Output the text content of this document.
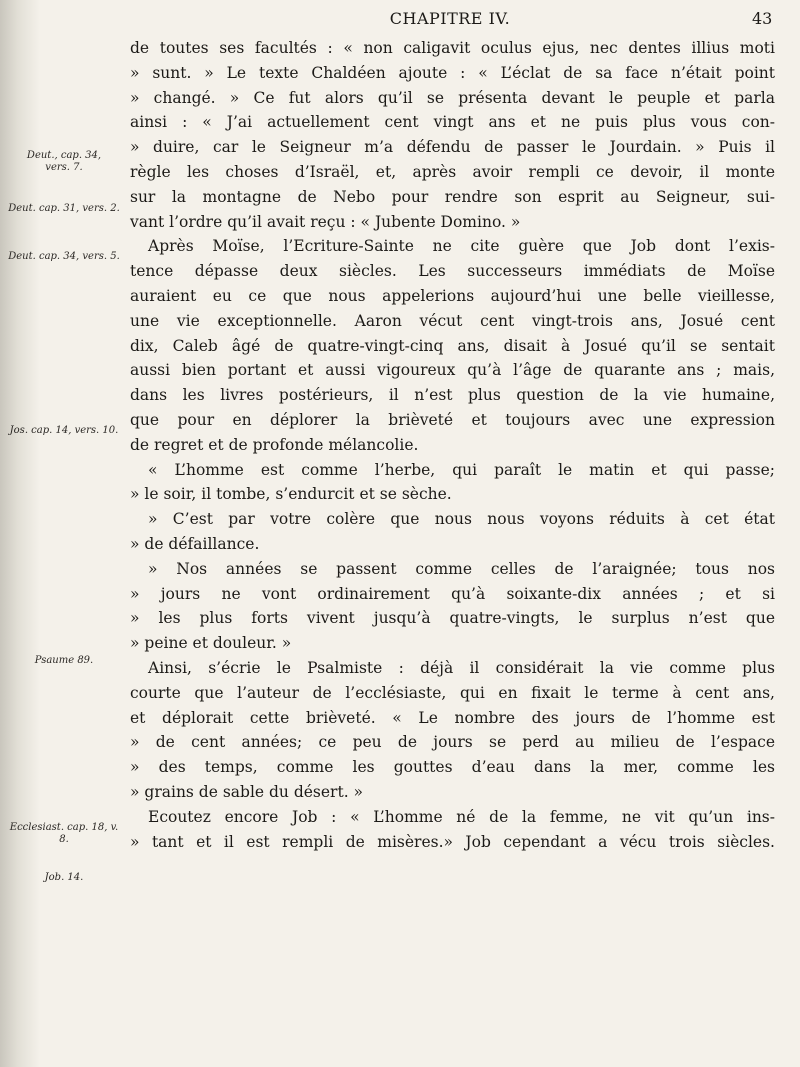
CHAPITRE IV.	43
Deut., cap. 34,
vers. 7.
Deut. cap. 31, vers. 2.
Deut. cap. 34, vers. 5.
Jos. cap. 14, vers. 10.
Psaume 89.
Ecclesiast. cap. 18, v. 8.
Job. 14.
de toutes ses facultés : « non caligavit oculus ejus, nec dentes illius moti
» sunt. » Le texte Chaldéen ajoute : « L’éclat de sa face n’était point
» changé. » Ce fut alors qu’il se présenta devant le peuple et parla
ainsi : « J’ai actuellement cent vingt ans et ne puis plus vous con-
» duire, car le Seigneur m’a défendu de passer le Jourdain. » Puis il
règle les choses d’Israël, et, après avoir rempli ce devoir, il monte
sur la montagne de Nebo pour rendre son esprit au Seigneur, sui-
vant l’ordre qu’il avait reçu : « Jubente Domino. »
Après Moïse, l’Ecriture-Sainte ne cite guère que Job dont l’exis-
tence dépasse deux siècles. Les successeurs immédiats de Moïse
auraient eu ce que nous appelerions aujourd’hui une belle vieillesse,
une vie exceptionnelle. Aaron vécut cent vingt-trois ans, Josué cent
dix, Caleb âgé de quatre-vingt-cinq ans, disait à Josué qu’il se sentait
aussi bien portant et aussi vigoureux qu’à l’âge de quarante ans ; mais,
dans les livres postérieurs, il n’est plus question de la vie humaine,
que pour en déplorer la brièveté et toujours avec une expression
de regret et de profonde mélancolie.
« L’homme est comme l’herbe, qui paraît le matin et qui passe;
» le soir, il tombe, s’endurcit et se sèche.
» C’est par votre colère que nous nous voyons réduits à cet état
» de défaillance.
» Nos années se passent comme celles de l’araignée; tous nos
» jours ne vont ordinairement qu’à soixante-dix années ; et si
» les plus forts vivent jusqu’à quatre-vingts, le surplus n’est que
» peine et douleur. »
Ainsi, s’écrie le Psalmiste : déjà il considérait la vie comme plus
courte que l’auteur de l’ecclésiaste, qui en fixait le terme à cent ans,
et déplorait cette brièveté. « Le nombre des jours de l’homme est
» de cent années; ce peu de jours se perd au milieu de l’espace
» des temps, comme les gouttes d’eau dans la mer, comme les
» grains de sable du désert. »
Ecoutez encore Job : « L’homme né de la femme, ne vit qu’un ins-
» tant et il est rempli de misères.» Job cependant a vécu trois siècles.
